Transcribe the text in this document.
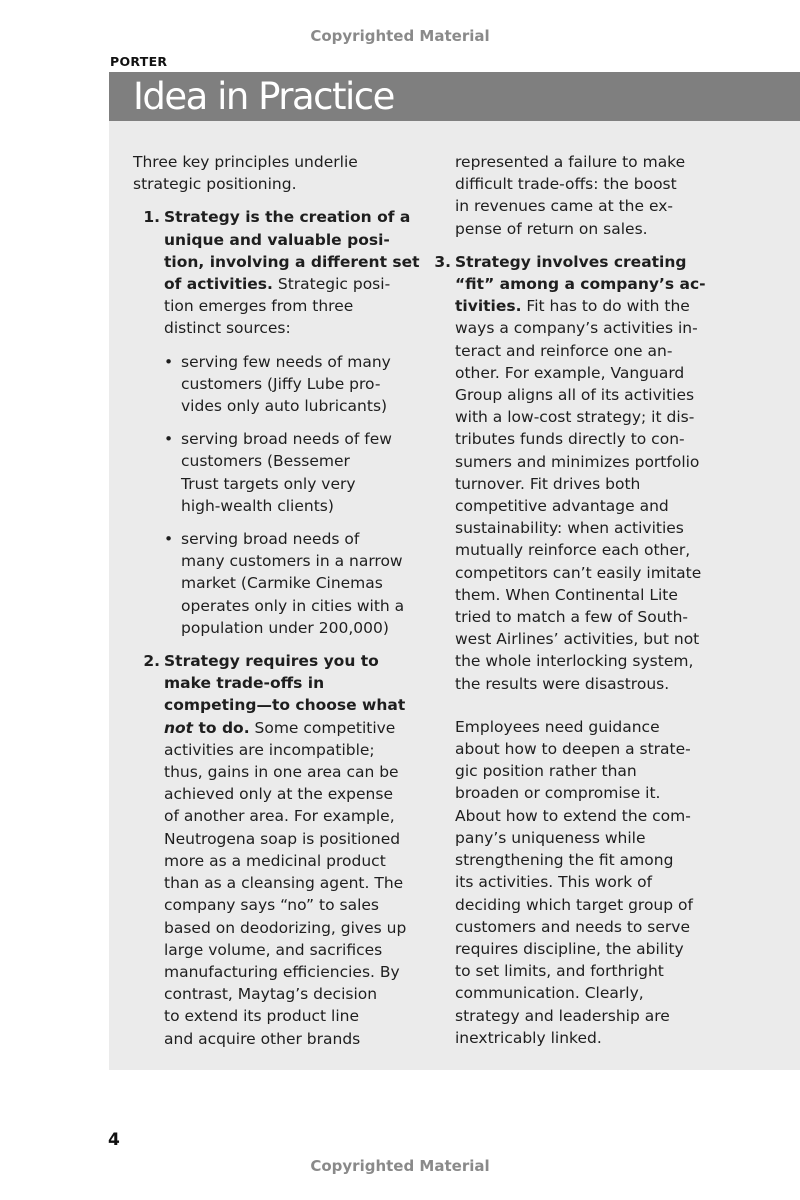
Copyrighted Material
PORTER
Idea in Practice

Three key principles underlie
strategic positioning.

1. Strategy is the creation of a
unique and valuable posi-
tion, involving a different set
of activities. Strategic posi-
tion emerges from three
distinct sources:
• serving few needs of many
customers (Jiffy Lube pro-
vides only auto lubricants)
• serving broad needs of few
customers (Bessemer
Trust targets only very
high-wealth clients)
• serving broad needs of
many customers in a narrow
market (Carmike Cinemas
operates only in cities with a
population under 200,000)
2. Strategy requires you to
make trade-offs in
competing—to choose what
not to do. Some competitive
activities are incompatible;
thus, gains in one area can be
achieved only at the expense
of another area. For example,
Neutrogena soap is positioned
more as a medicinal product
than as a cleansing agent. The
company says “no” to sales
based on deodorizing, gives up
large volume, and sacrifices
manufacturing efficiencies. By
contrast, Maytag’s decision
to extend its product line
and acquire other brands

represented a failure to make
difficult trade-offs: the boost
in revenues came at the ex-
pense of return on sales.

3. Strategy involves creating
“fit” among a company’s ac-
tivities. Fit has to do with the
ways a company’s activities in-
teract and reinforce one an-
other. For example, Vanguard
Group aligns all of its activities
with a low-cost strategy; it dis-
tributes funds directly to con-
sumers and minimizes portfolio
turnover. Fit drives both
competitive advantage and
sustainability: when activities
mutually reinforce each other,
competitors can’t easily imitate
them. When Continental Lite
tried to match a few of South-
west Airlines’ activities, but not
the whole interlocking system,
the results were disastrous.

Employees need guidance
about how to deepen a strate-
gic position rather than
broaden or compromise it.
About how to extend the com-
pany’s uniqueness while
strengthening the fit among
its activities. This work of
deciding which target group of
customers and needs to serve
requires discipline, the ability
to set limits, and forthright
communication. Clearly,
strategy and leadership are
inextricably linked.

4
Copyrighted Material
